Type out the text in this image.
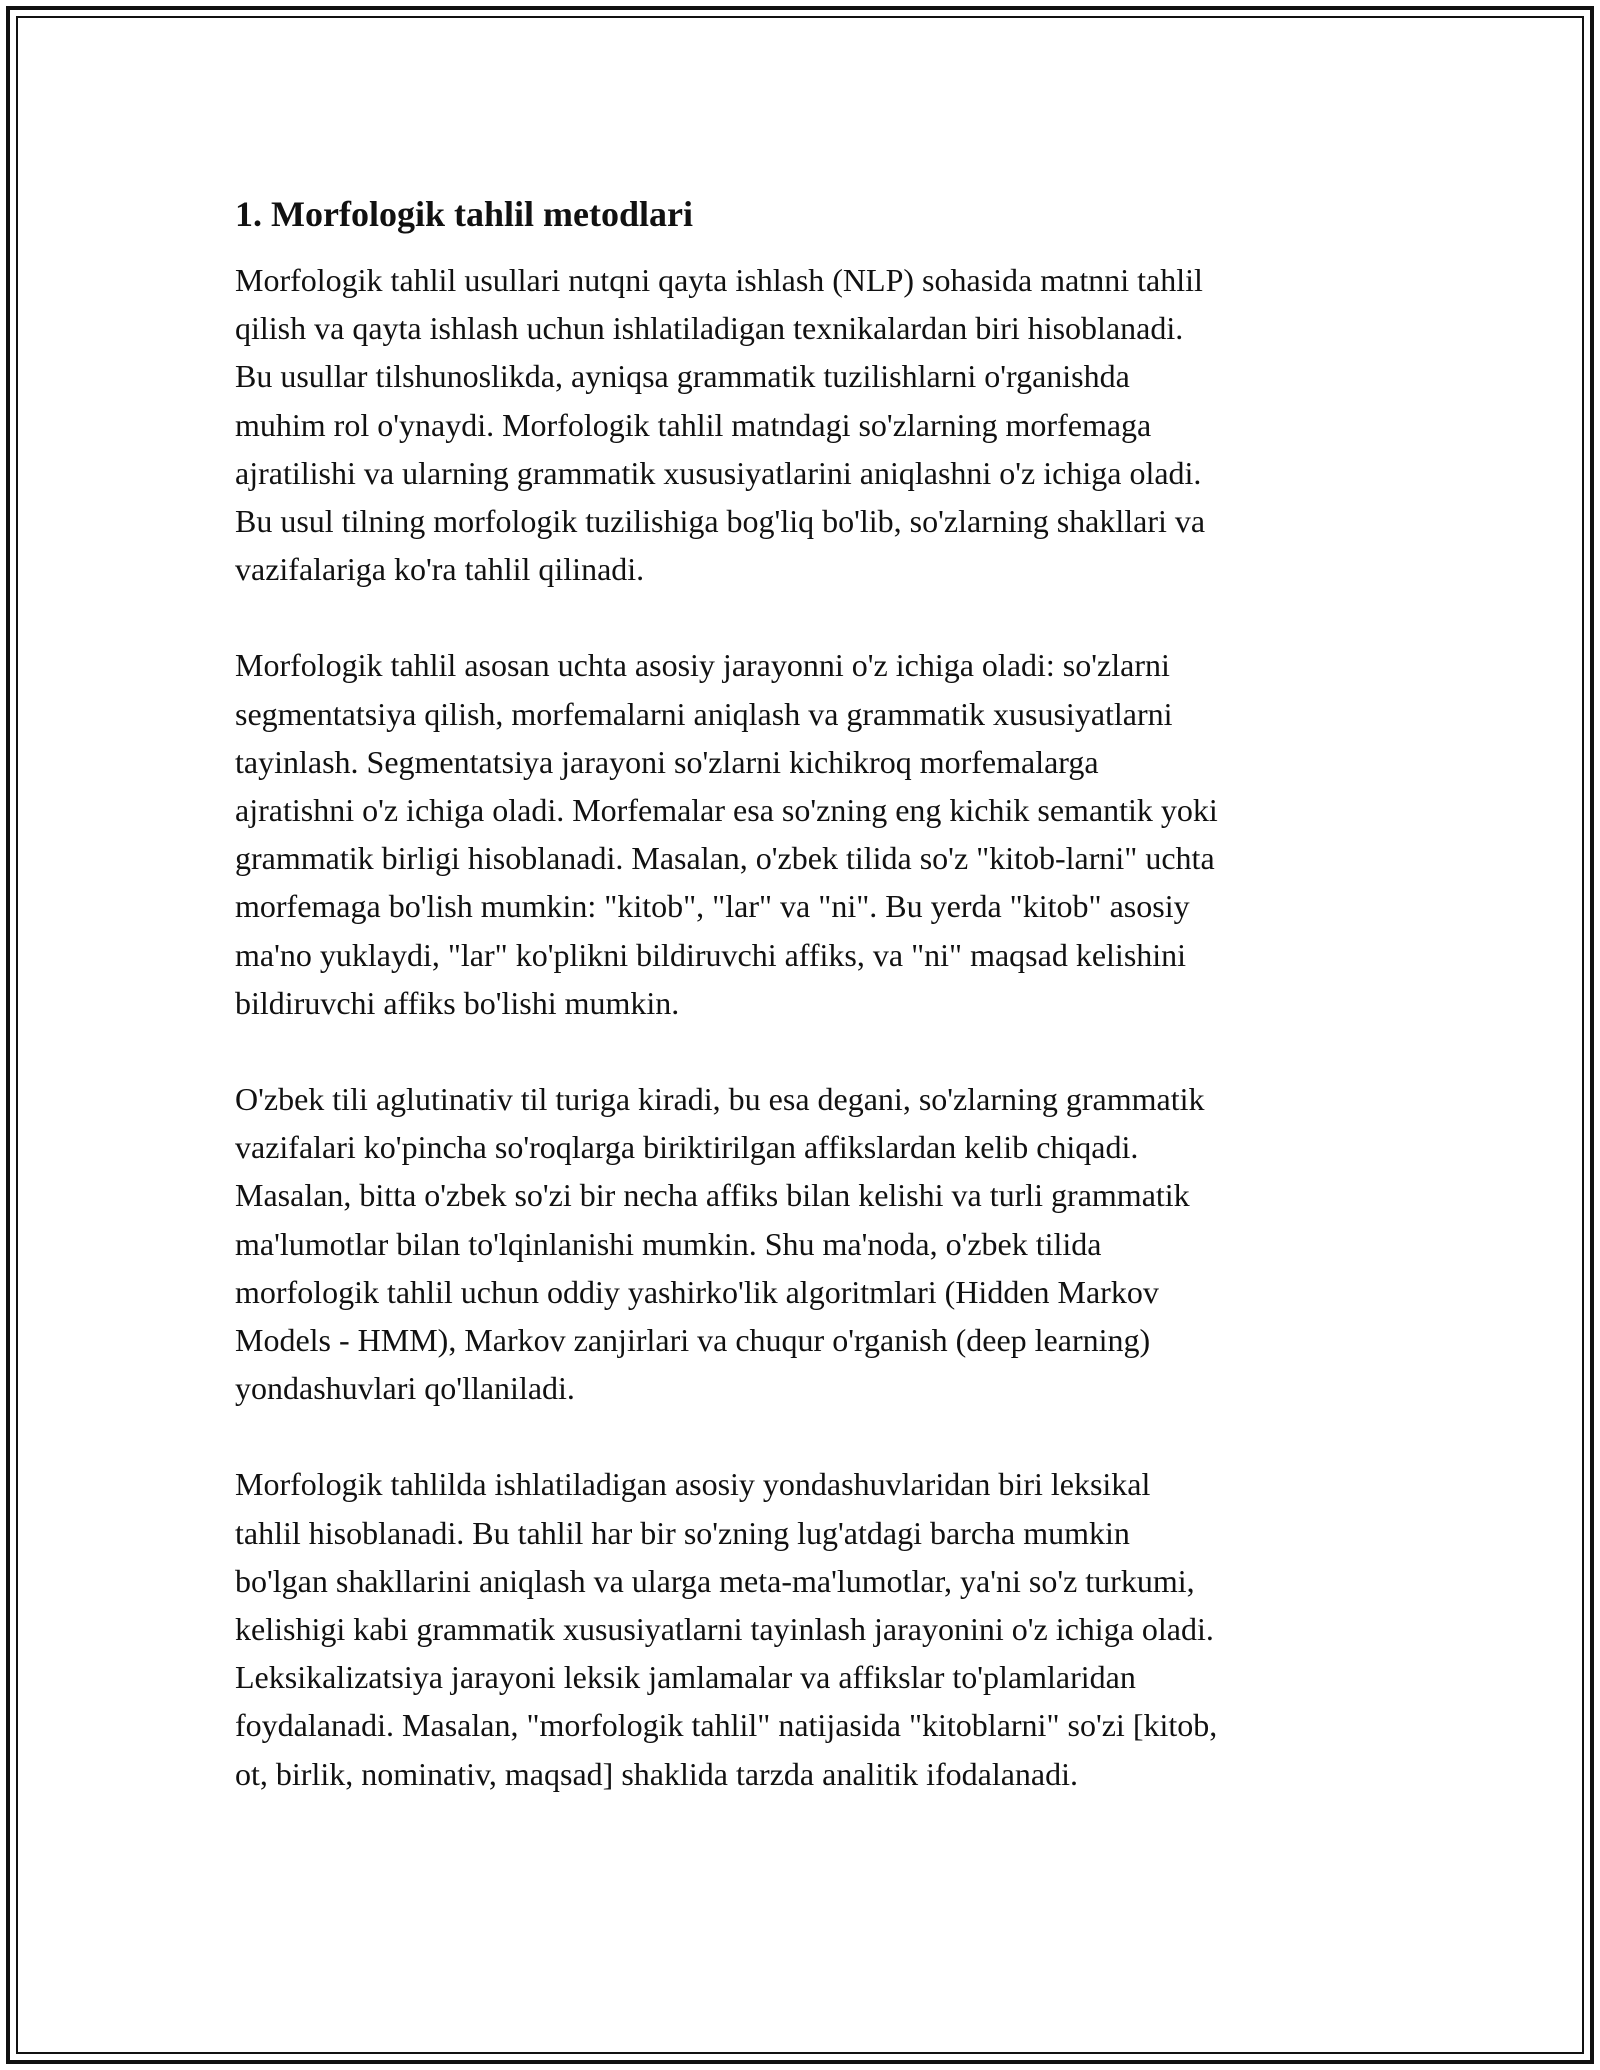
1. Morfologik tahlil metodlari
Morfologik tahlil usullari nutqni qayta ishlash (NLP) sohasida matnni tahlil
qilish va qayta ishlash uchun ishlatiladigan texnikalardan biri hisoblanadi.
Bu usullar tilshunoslikda, ayniqsa grammatik tuzilishlarni o'rganishda
muhim rol o'ynaydi. Morfologik tahlil matndagi so'zlarning morfemaga
ajratilishi va ularning grammatik xususiyatlarini aniqlashni o'z ichiga oladi.
Bu usul tilning morfologik tuzilishiga bog'liq bo'lib, so'zlarning shakllari va
vazifalariga ko'ra tahlil qilinadi.
Morfologik tahlil asosan uchta asosiy jarayonni o'z ichiga oladi: so'zlarni
segmentatsiya qilish, morfemalarni aniqlash va grammatik xususiyatlarni
tayinlash. Segmentatsiya jarayoni so'zlarni kichikroq morfemalarga
ajratishni o'z ichiga oladi. Morfemalar esa so'zning eng kichik semantik yoki
grammatik birligi hisoblanadi. Masalan, o'zbek tilida so'z "kitob-larni" uchta
morfemaga bo'lish mumkin: "kitob", "lar" va "ni". Bu yerda "kitob" asosiy
ma'no yuklaydi, "lar" ko'plikni bildiruvchi affiks, va "ni" maqsad kelishini
bildiruvchi affiks bo'lishi mumkin.
O'zbek tili aglutinativ til turiga kiradi, bu esa degani, so'zlarning grammatik
vazifalari ko'pincha so'roqlarga biriktirilgan affikslardan kelib chiqadi.
Masalan, bitta o'zbek so'zi bir necha affiks bilan kelishi va turli grammatik
ma'lumotlar bilan to'lqinlanishi mumkin. Shu ma'noda, o'zbek tilida
morfologik tahlil uchun oddiy yashirko'lik algoritmlari (Hidden Markov
Models - HMM), Markov zanjirlari va chuqur o'rganish (deep learning)
yondashuvlari qo'llaniladi.
Morfologik tahlilda ishlatiladigan asosiy yondashuvlaridan biri leksikal
tahlil hisoblanadi. Bu tahlil har bir so'zning lug'atdagi barcha mumkin
bo'lgan shakllarini aniqlash va ularga meta-ma'lumotlar, ya'ni so'z turkumi,
kelishigi kabi grammatik xususiyatlarni tayinlash jarayonini o'z ichiga oladi.
Leksikalizatsiya jarayoni leksik jamlamalar va affikslar to'plamlaridan
foydalanadi. Masalan, "morfologik tahlil" natijasida "kitoblarni" so'zi [kitob,
ot, birlik, nominativ, maqsad] shaklida tarzda analitik ifodalanadi.
